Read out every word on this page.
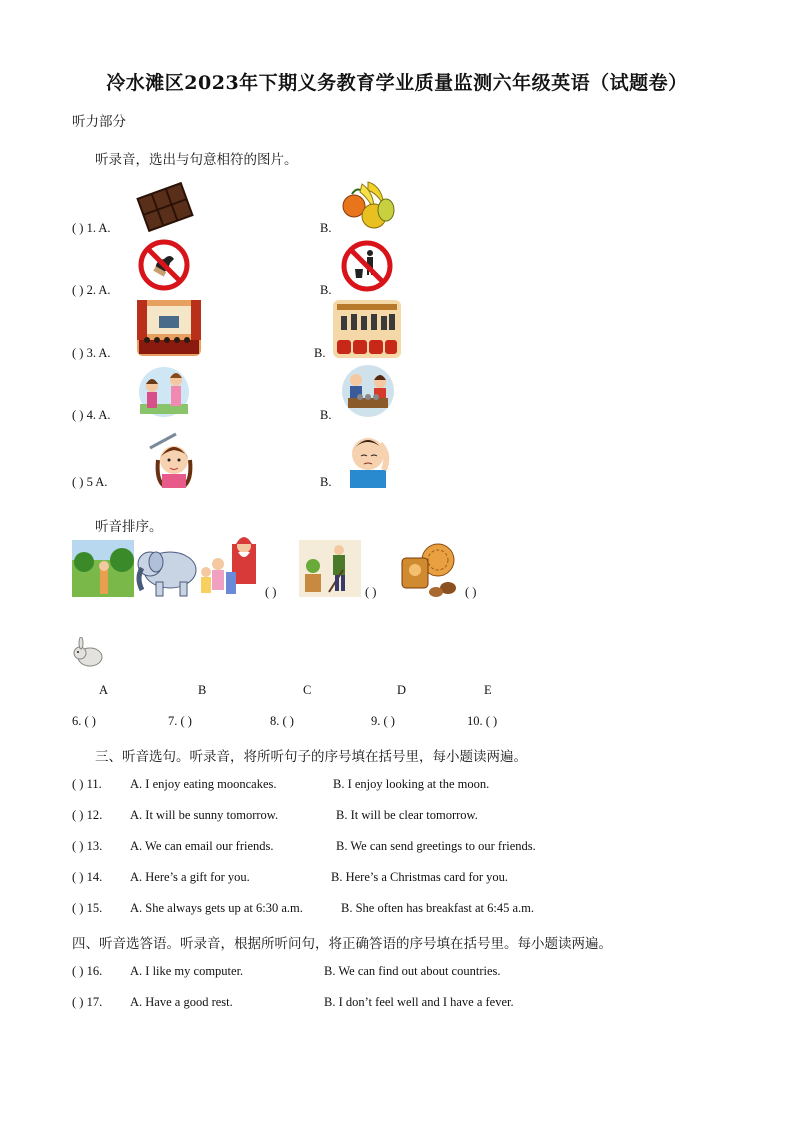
冷水滩区2023年下期义务教育学业质量监测六年级英语（试题卷）
听力部分
听录音，选出与句意相符的图片。
( ) 1. A.	B.
( ) 2. A.	B.
( ) 3. A.	B.
( ) 4. A.	B.
( ) 5 A.	B.
听音排序。
( )	( )	( )
A	B	C	D	E
6. ( )	7. ( )	8. ( )	9. ( )	10. ( )
三、听音选句。听录音，将所听句子的序号填在括号里，每小题读两遍。
( ) 11. A. I enjoy eating mooncakes.	B. I enjoy looking at the moon.
( ) 12. A. It will be sunny tomorrow.	B. It will be clear tomorrow.
( ) 13. A. We can email our friends.	B. We can send greetings to our friends.
( ) 14. A. Here’s a gift for you.	B. Here’s a Christmas card for you.
( ) 15. A. She always gets up at 6:30 a.m.	B. She often has breakfast at 6:45 a.m.
四、听音选答语。听录音，根据所听问句，将正确答语的序号填在括号里。每小题读两遍。
( ) 16. A. I like my computer.	B. We can find out about countries.
( ) 17. A. Have a good rest.	B. I don’t feel well and I have a fever.
